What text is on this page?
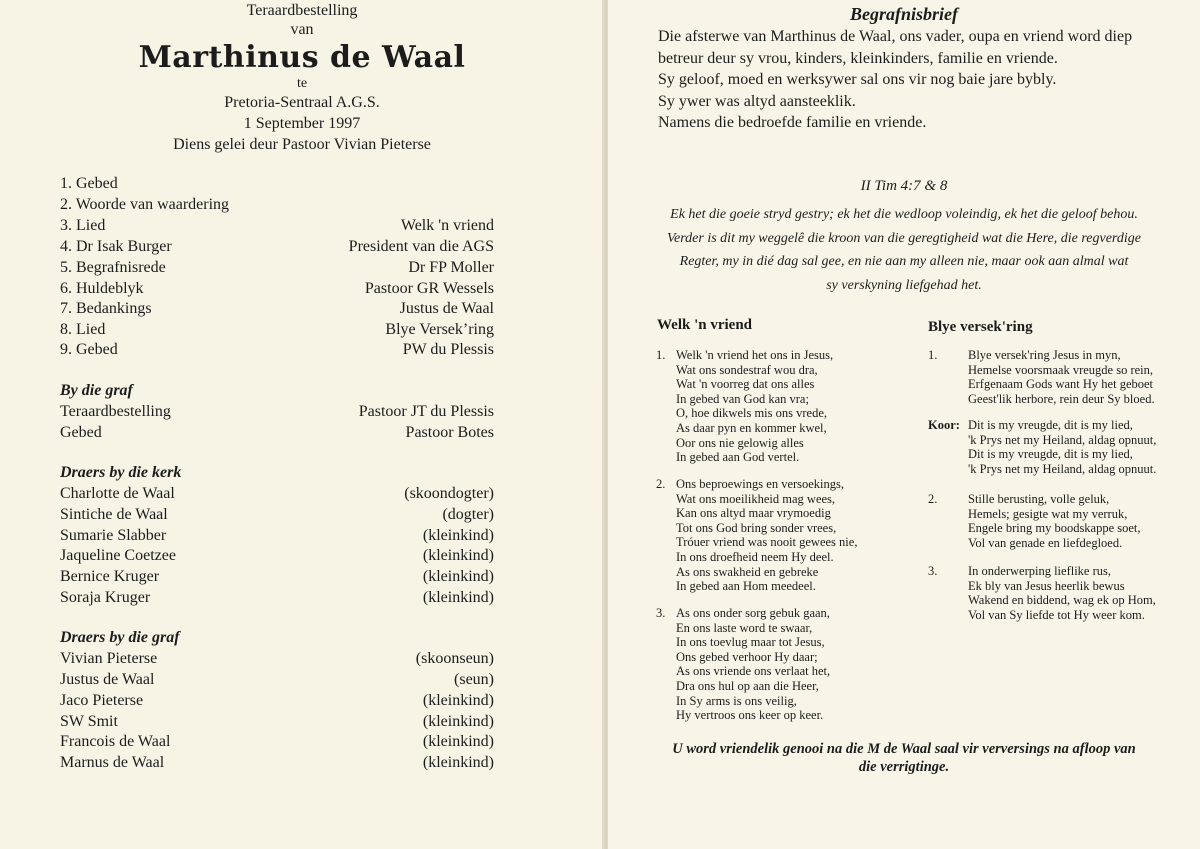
Teraardbestelling
van
Marthinus de Waal
te
Pretoria-Sentraal A.G.S.
1 September 1997
Diens gelei deur Pastoor Vivian Pieterse
1. Gebed
2. Woorde van waardering
3. Lied	Welk 'n vriend
4. Dr Isak Burger	President van die AGS
5. Begrafnisrede	Dr FP Moller
6. Huldeblyk	Pastoor GR Wessels
7. Bedankings	Justus de Waal
8. Lied	Blye Versek’ring
9. Gebed	PW du Plessis
By die graf
Teraardbestelling	Pastoor JT du Plessis
Gebed	Pastoor Botes
Draers by die kerk
Charlotte de Waal	(skoondogter)
Sintiche de Waal	(dogter)
Sumarie Slabber	(kleinkind)
Jaqueline Coetzee	(kleinkind)
Bernice Kruger	(kleinkind)
Soraja Kruger	(kleinkind)
Draers by die graf
Vivian Pieterse	(skoonseun)
Justus de Waal	(seun)
Jaco Pieterse	(kleinkind)
SW Smit	(kleinkind)
Francois de Waal	(kleinkind)
Marnus de Waal	(kleinkind)
Begrafnisbrief
Die afsterwe van Marthinus de Waal, ons vader, oupa en vriend word diep
betreur deur sy vrou, kinders, kleinkinders, familie en vriende.
Sy geloof, moed en werksywer sal ons vir nog baie jare bybly.
Sy ywer was altyd aansteeklik.
Namens die bedroefde familie en vriende.
II Tim 4:7 & 8
Ek het die goeie stryd gestry; ek het die wedloop voleindig, ek het die geloof behou.
Verder is dit my weggelê die kroon van die geregtigheid wat die Here, die regverdige
Regter, my in dié dag sal gee, en nie aan my alleen nie, maar ook aan almal wat
sy verskyning liefgehad het.
Welk 'n vriend
1. Welk 'n vriend het ons in Jesus,
Wat ons sondestraf wou dra,
Wat 'n voorreg dat ons alles
In gebed van God kan vra;
O, hoe dikwels mis ons vrede,
As daar pyn en kommer kwel,
Oor ons nie gelowig alles
In gebed aan God vertel.
2. Ons beproewings en versoekings,
Wat ons moeilikheid mag wees,
Kan ons altyd maar vrymoedig
Tot ons God bring sonder vrees,
Tróuer vriend was nooit gewees nie,
In ons droefheid neem Hy deel.
As ons swakheid en gebreke
In gebed aan Hom meedeel.
3. As ons onder sorg gebuk gaan,
En ons laste word te swaar,
In ons toevlug maar tot Jesus,
Ons gebed verhoor Hy daar;
As ons vriende ons verlaat het,
Dra ons hul op aan die Heer,
In Sy arms is ons veilig,
Hy vertroos ons keer op keer.
Blye versek'ring
1. Blye versek'ring Jesus in myn,
Hemelse voorsmaak vreugde so rein,
Erfgenaam Gods want Hy het geboet
Geest'lik herbore, rein deur Sy bloed.
Koor: Dit is my vreugde, dit is my lied,
'k Prys net my Heiland, aldag opnuut,
Dit is my vreugde, dit is my lied,
'k Prys net my Heiland, aldag opnuut.
2. Stille berusting, volle geluk,
Hemels; gesigte wat my verruk,
Engele bring my boodskappe soet,
Vol van genade en liefdegloed.
3. In onderwerping lieflike rus,
Ek bly van Jesus heerlik bewus
Wakend en biddend, wag ek op Hom,
Vol van Sy liefde tot Hy weer kom.
U word vriendelik genooi na die M de Waal saal vir verversings na afloop van
die verrigtinge.
